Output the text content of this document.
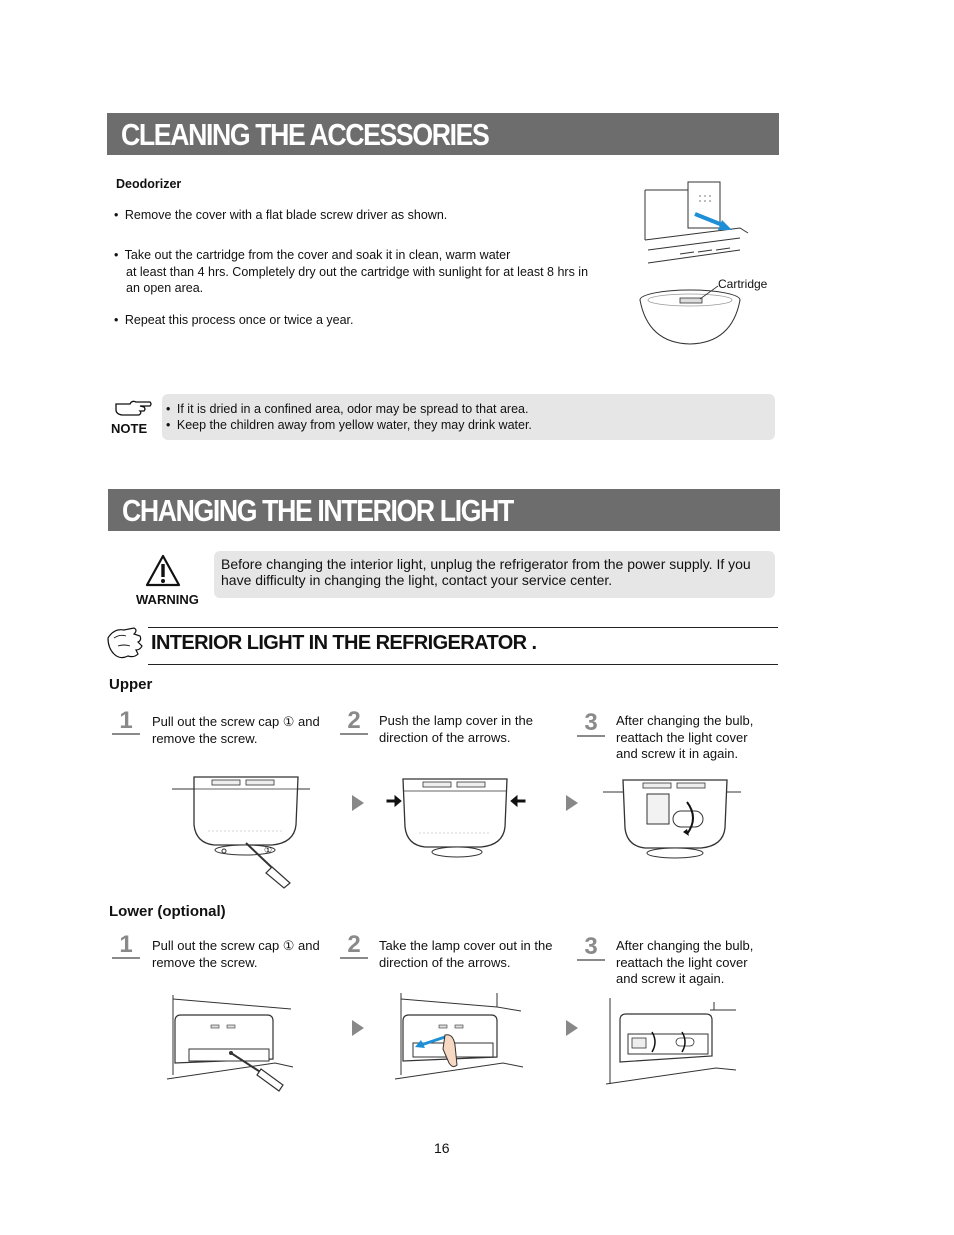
CLEANING THE ACCESSORIES
Deodorizer
• Remove the cover with a flat blade screw driver as shown.
• Take out the cartridge from the cover and soak it in clean, warm water
at least than 4 hrs. Completely dry out the cartridge with sunlight for at least 8 hrs in
an open area.
• Repeat this process once or twice a year.
Cartridge
NOTE
• If it is dried in a confined area, odor may be spread to that area.
• Keep the children away from yellow water, they may drink water.
CHANGING THE INTERIOR LIGHT
WARNING
Before changing the interior light, unplug the refrigerator from the power supply. If you
have difficulty in changing the light, contact your service center.
INTERIOR LIGHT IN THE REFRIGERATOR .
Upper
1	Pull out the screw cap ① and
remove the screw.
2	Push the lamp cover in the
direction of the arrows.
3	After changing the bulb,
reattach the light cover
and screw it in again.
①
Lower (optional)
1	Pull out the screw cap ① and
remove the screw.
2	Take the lamp cover out in the
direction of the arrows.
3	After changing the bulb,
reattach the light cover
and screw it again.
16
